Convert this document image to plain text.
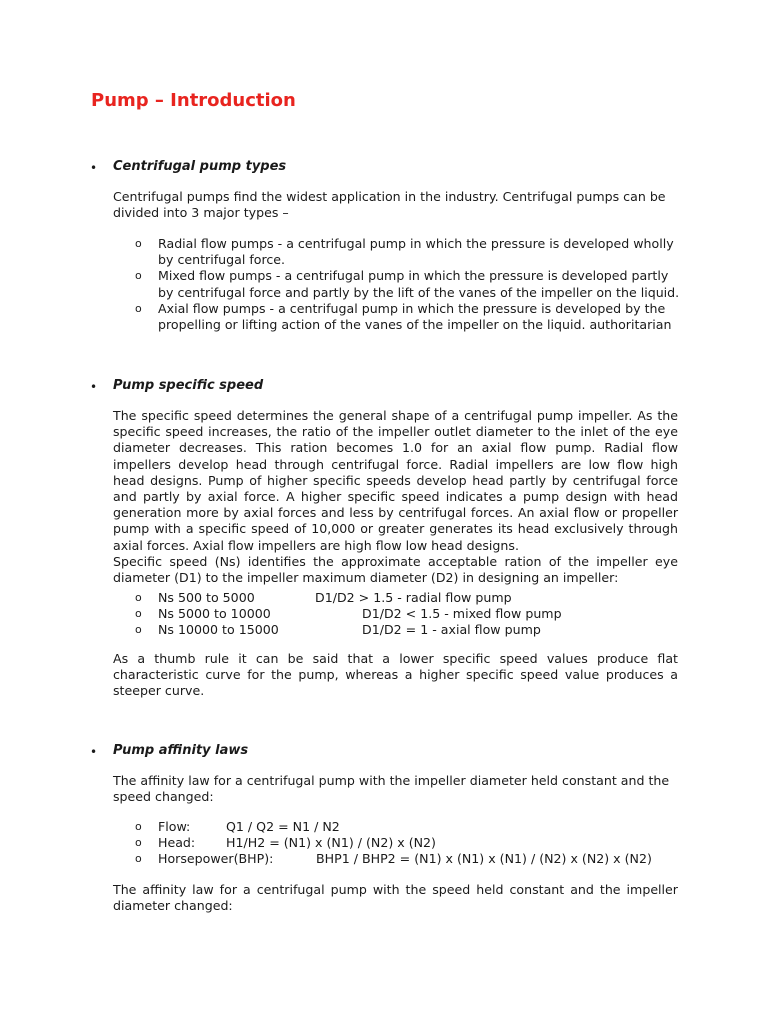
Pump – Introduction
• Centrifugal pump types

Centrifugal pumps find the widest application in the industry. Centrifugal pumps can be
divided into 3 major types –

o Radial flow pumps - a centrifugal pump in which the pressure is developed wholly
by centrifugal force.
o Mixed flow pumps - a centrifugal pump in which the pressure is developed partly
by centrifugal force and partly by the lift of the vanes of the impeller on the liquid.
o Axial flow pumps - a centrifugal pump in which the pressure is developed by the
propelling or lifting action of the vanes of the impeller on the liquid. authoritarian
• Pump specific speed

The specific speed determines the general shape of a centrifugal pump impeller. As the
specific speed increases, the ratio of the impeller outlet diameter to the inlet of the eye
diameter decreases. This ration becomes 1.0 for an axial flow pump. Radial flow
impellers develop head through centrifugal force. Radial impellers are low flow high
head designs. Pump of higher specific speeds develop head partly by centrifugal force
and partly by axial force. A higher specific speed indicates a pump design with head
generation more by axial forces and less by centrifugal forces. An axial flow or propeller
pump with a specific speed of 10,000 or greater generates its head exclusively through
axial forces. Axial flow impellers are high flow low head designs.
Specific speed (Ns) identifies the approximate acceptable ration of the impeller eye
diameter (D1) to the impeller maximum diameter (D2) in designing an impeller:

o Ns 500 to 5000	D1/D2 > 1.5 - radial flow pump
o Ns 5000 to 10000	D1/D2 < 1.5 - mixed flow pump
o Ns 10000 to 15000	D1/D2 = 1 - axial flow pump

As a thumb rule it can be said that a lower specific speed values produce flat
characteristic curve for the pump, whereas a higher specific speed value produces a
steeper curve.

• Pump affinity laws

The affinity law for a centrifugal pump with the impeller diameter held constant and the
speed changed:

o Flow:	Q1 / Q2 = N1 / N2
o Head: H1/H2 = (N1) x (N1) / (N2) x (N2)
o Horsepower(BHP):	BHP1 / BHP2 = (N1) x (N1) x (N1) / (N2) x (N2) x (N2)

The affinity law for a centrifugal pump with the speed held constant and the impeller
diameter changed:
